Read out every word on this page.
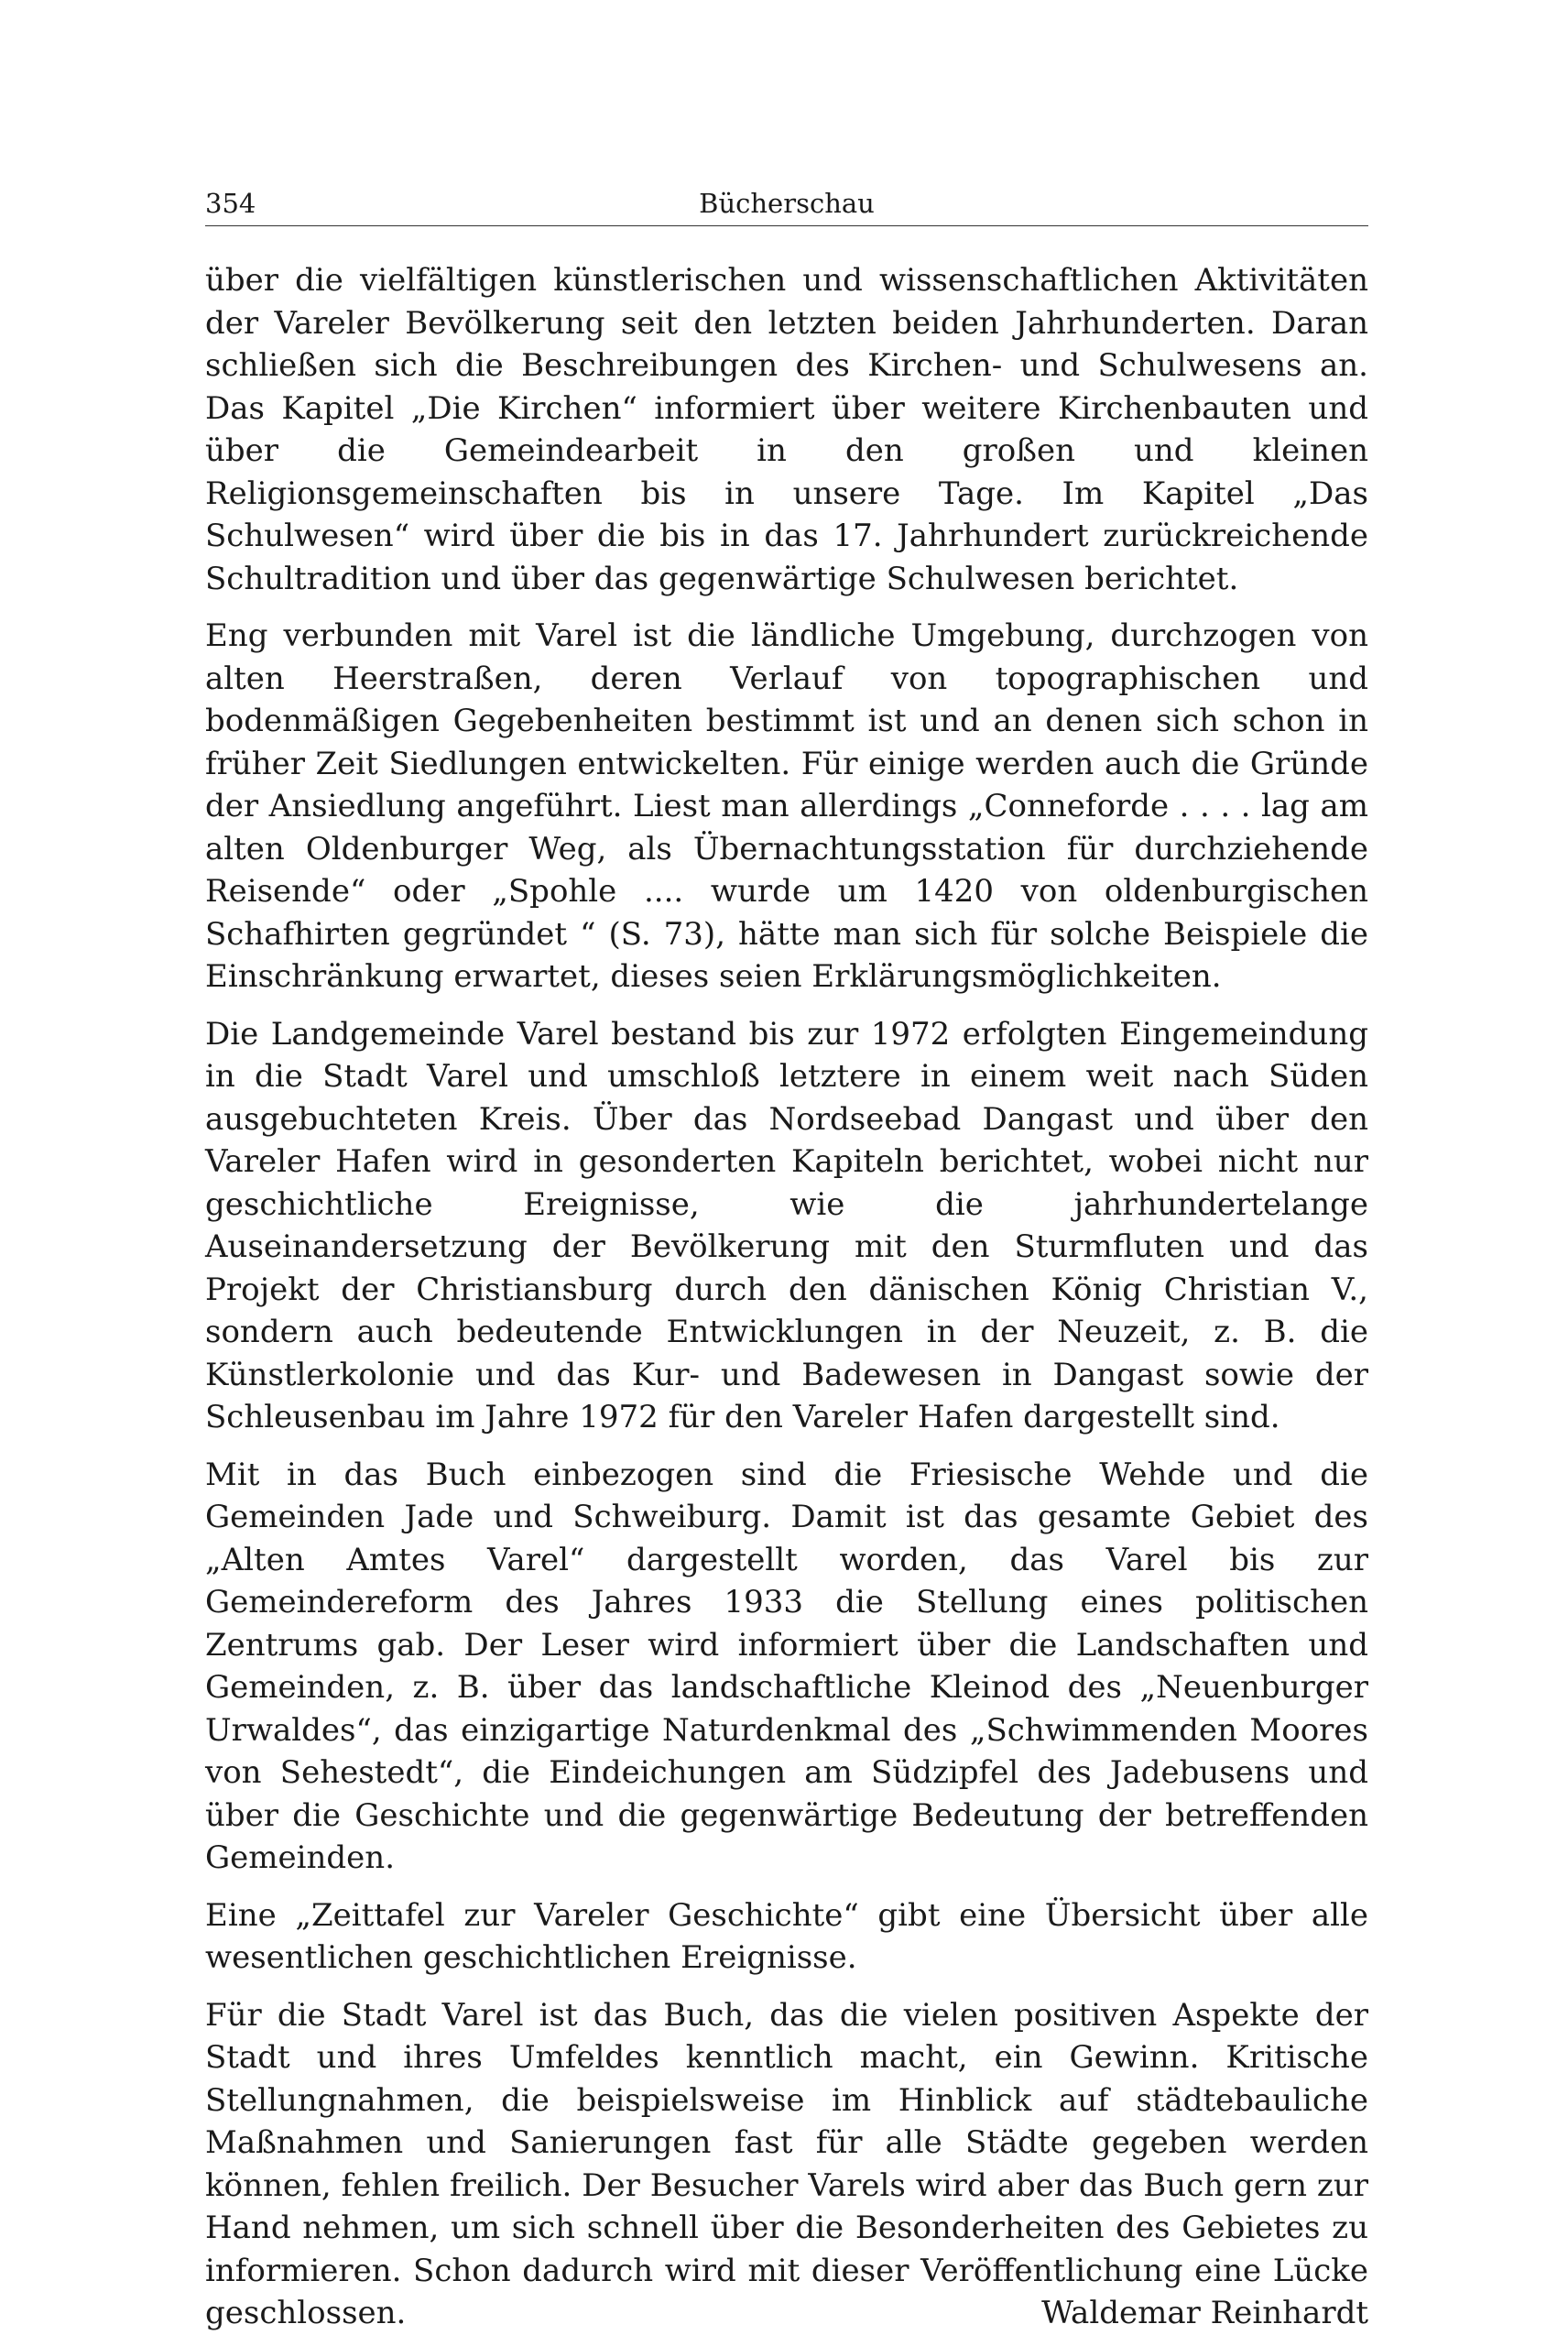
354	Bücherschau

über die vielfältigen künstlerischen und wissenschaftlichen Aktivitäten der Vareler Bevölkerung seit den letzten beiden Jahrhunderten. Daran schließen sich die Beschreibungen des Kirchen- und Schulwesens an. Das Kapitel „Die Kirchen“ informiert über weitere Kirchenbauten und über die Gemeindearbeit in den großen und kleinen Religionsgemeinschaften bis in unsere Tage. Im Kapitel „Das Schulwesen“ wird über die bis in das 17. Jahrhundert zurückreichende Schultradition und über das gegenwärtige Schulwesen berichtet.

Eng verbunden mit Varel ist die ländliche Umgebung, durchzogen von alten Heerstraßen, deren Verlauf von topographischen und bodenmäßigen Gegebenheiten bestimmt ist und an denen sich schon in früher Zeit Siedlungen entwickelten. Für einige werden auch die Gründe der Ansiedlung angeführt. Liest man allerdings „Conneforde . . . . lag am alten Oldenburger Weg, als Übernachtungsstation für durchziehende Reisende“ oder „Spohle .... wurde um 1420 von oldenburgischen Schafhirten gegründet “ (S. 73), hätte man sich für solche Beispiele die Einschränkung erwartet, dieses seien Erklärungsmöglichkeiten.

Die Landgemeinde Varel bestand bis zur 1972 erfolgten Eingemeindung in die Stadt Varel und umschloß letztere in einem weit nach Süden ausgebuchteten Kreis. Über das Nordseebad Dangast und über den Vareler Hafen wird in gesonderten Kapiteln berichtet, wobei nicht nur geschichtliche Ereignisse, wie die jahrhundertelange Auseinandersetzung der Bevölkerung mit den Sturmfluten und das Projekt der Christiansburg durch den dänischen König Christian V., sondern auch bedeutende Entwicklungen in der Neuzeit, z. B. die Künstlerkolonie und das Kur- und Badewesen in Dangast sowie der Schleusenbau im Jahre 1972 für den Vareler Hafen dargestellt sind.

Mit in das Buch einbezogen sind die Friesische Wehde und die Gemeinden Jade und Schweiburg. Damit ist das gesamte Gebiet des „Alten Amtes Varel“ dargestellt worden, das Varel bis zur Gemeindereform des Jahres 1933 die Stellung eines politischen Zentrums gab. Der Leser wird informiert über die Landschaften und Gemeinden, z. B. über das landschaftliche Kleinod des „Neuenburger Urwaldes“, das einzigartige Naturdenkmal des „Schwimmenden Moores von Sehestedt“, die Eindeichungen am Südzipfel des Jadebusens und über die Geschichte und die gegenwärtige Bedeutung der betreffenden Gemeinden.

Eine „Zeittafel zur Vareler Geschichte“ gibt eine Übersicht über alle wesentlichen geschichtlichen Ereignisse.

Für die Stadt Varel ist das Buch, das die vielen positiven Aspekte der Stadt und ihres Umfeldes kenntlich macht, ein Gewinn. Kritische Stellungnahmen, die beispielsweise im Hinblick auf städtebauliche Maßnahmen und Sanierungen fast für alle Städte gegeben werden können, fehlen freilich. Der Besucher Varels wird aber das Buch gern zur Hand nehmen, um sich schnell über die Besonderheiten des Gebietes zu informieren. Schon dadurch wird mit dieser Veröffentlichung eine Lücke geschlossen.	Waldemar Reinhardt
